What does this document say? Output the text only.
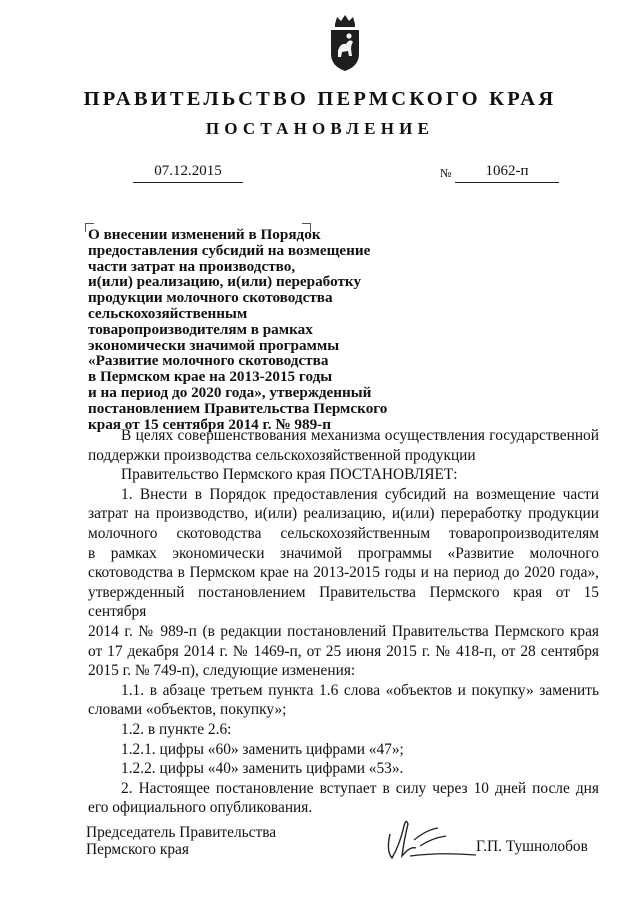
ПРАВИТЕЛЬСТВО ПЕРМСКОГО КРАЯ
ПОСТАНОВЛЕНИЕ
07.12.2015	№	1062-п
О внесении изменений в Порядок
предоставления субсидий на возмещение
части затрат на производство,
и(или) реализацию, и(или) переработку
продукции молочного скотоводства
сельскохозяйственным
товаропроизводителям в рамках
экономически значимой программы
«Развитие молочного скотоводства
в Пермском крае на 2013-2015 годы
и на период до 2020 года», утвержденный
постановлением Правительства Пермского
края от 15 сентября 2014 г. № 989-п

В целях совершенствования механизма осуществления государственной

поддержки производства сельскохозяйственной продукции

Правительство Пермского края ПОСТАНОВЛЯЕТ:

1. Внести в Порядок предоставления субсидий на возмещение части

затрат на производство, и(или) реализацию, и(или) переработку продукции

молочного скотоводства сельскохозяйственным товаропроизводителям

в рамках экономически значимой программы «Развитие молочного

скотоводства в Пермском крае на 2013-2015 годы и на период до 2020 года»,

утвержденный постановлением Правительства Пермского края от 15 сентября

2014 г. № 989-п (в редакции постановлений Правительства Пермского края

от 17 декабря 2014 г. № 1469-п, от 25 июня 2015 г. № 418-п, от 28 сентября

2015 г. № 749-п), следующие изменения:

1.1. в абзаце третьем пункта 1.6 слова «объектов и покупку» заменить

словами «объектов, покупку»;

1.2. в пункте 2.6:

1.2.1. цифры «60» заменить цифрами «47»;

1.2.2. цифры «40» заменить цифрами «53».

2. Настоящее постановление вступает в силу через 10 дней после дня

его официального опубликования.

Председатель Правительства
Пермского края	Г.П. Тушнолобов
